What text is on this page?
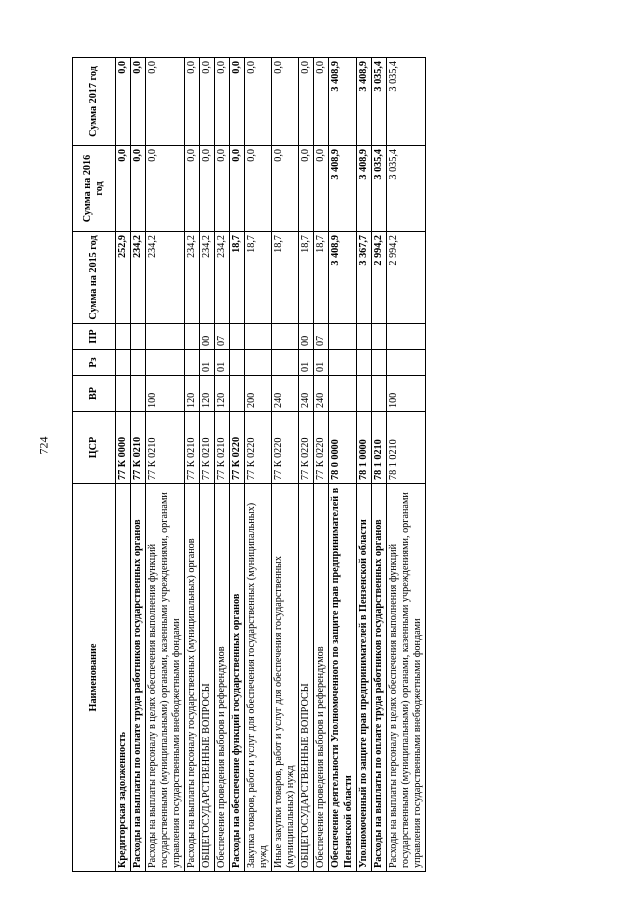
724
Наименование	ЦСР	ВР	Рз	ПР	Сумма на 2015 год	Сумма на 2016 год	Сумма 2017 год
Кредиторская задолженность	77 К 0000				252,9	0,0	0,0
Расходы на выплаты по оплате труда работников государственных органов	77 К 0210				234,2	0,0	0,0
Расходы на выплаты персоналу в целях обеспечения выполнения функций государственными (муниципальными) органами, казенными учреждениями, органами управления государственными внебюджетными фондами	77 К 0210	100			234,2	0,0	0,0
Расходы на выплаты персоналу государственных (муниципальных) органов	77 К 0210	120			234,2	0,0	0,0
ОБЩЕГОСУДАРСТВЕННЫЕ ВОПРОСЫ	77 К 0210	120	01	00	234,2	0,0	0,0
Обеспечение проведения выборов и референдумов	77 К 0210	120	01	07	234,2	0,0	0,0
Расходы на обеспечение функций государственных органов	77 К 0220				18,7	0,0	0,0
Закупка товаров, работ и услуг для обеспечения государственных (муниципальных) нужд	77 К 0220	200			18,7	0,0	0,0
Иные закупки товаров, работ и услуг для обеспечения государственных (муниципальных) нужд	77 К 0220	240			18,7	0,0	0,0
ОБЩЕГОСУДАРСТВЕННЫЕ ВОПРОСЫ	77 К 0220	240	01	00	18,7	0,0	0,0
Обеспечение проведения выборов и референдумов	77 К 0220	240	01	07	18,7	0,0	0,0
Обеспечение деятельности Уполномоченного по защите прав предпринимателей в Пензенской области	78 0 0000				3 408,9	3 408,9	3 408,9
Уполномоченный по защите прав предпринимателей в Пензенской области	78 1 0000				3 367,7	3 408,9	3 408,9
Расходы на выплаты по оплате труда работников государственных органов	78 1 0210				2 994,2	3 035,4	3 035,4
Расходы на выплаты персоналу в целях обеспечения выполнения функций государственными (муниципальными) органами, казенными учреждениями, органами управления государственными внебюджетными фондами	78 1 0210	100			2 994,2	3 035,4	3 035,4
